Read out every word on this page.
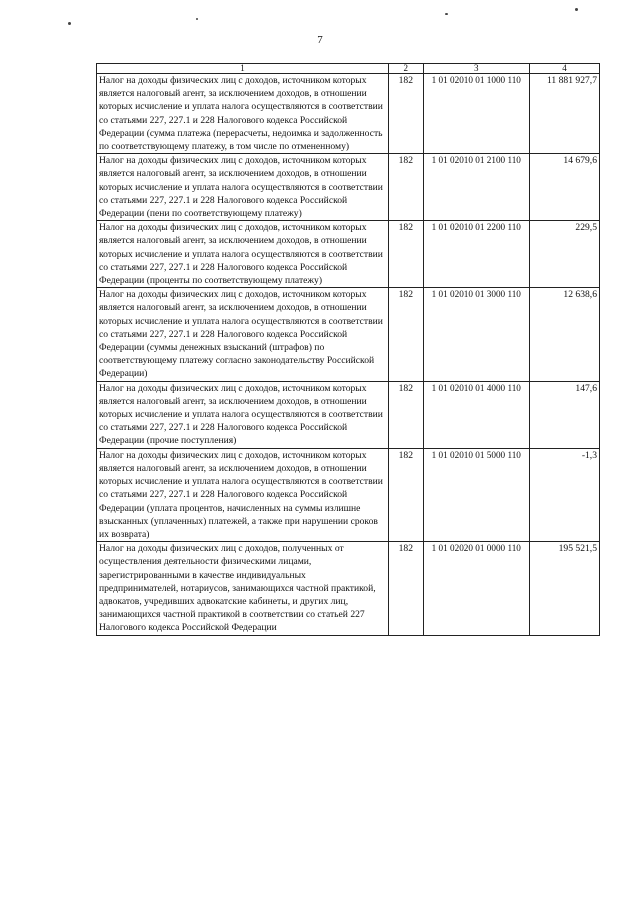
7
1	2	3	4
Налог на доходы физических лиц с доходов, источником которых является налоговый агент, за исключением доходов, в отношении которых исчисление и уплата налога осуществляются в соответствии со статьями 227, 227.1 и 228 Налогового кодекса Российской Федерации (сумма платежа (перерасчеты, недоимка и задолженность по соответствующему платежу, в том числе по отмененному)	182	1 01 02010 01 1000 110	11 881 927,7
Налог на доходы физических лиц с доходов, источником которых является налоговый агент, за исключением доходов, в отношении которых исчисление и уплата налога осуществляются в соответствии со статьями 227, 227.1 и 228 Налогового кодекса Российской Федерации (пени по соответствующему платежу)	182	1 01 02010 01 2100 110	14 679,6
Налог на доходы физических лиц с доходов, источником которых является налоговый агент, за исключением доходов, в отношении которых исчисление и уплата налога осуществляются в соответствии со статьями 227, 227.1 и 228 Налогового кодекса Российской Федерации (проценты по соответствующему платежу)	182	1 01 02010 01 2200 110	229,5
Налог на доходы физических лиц с доходов, источником которых является налоговый агент, за исключением доходов, в отношении которых исчисление и уплата налога осуществляются в соответствии со статьями 227, 227.1 и 228 Налогового кодекса Российской Федерации (суммы денежных взысканий (штрафов) по соответствующему платежу согласно законодательству Российской Федерации)	182	1 01 02010 01 3000 110	12 638,6
Налог на доходы физических лиц с доходов, источником которых является налоговый агент, за исключением доходов, в отношении которых исчисление и уплата налога осуществляются в соответствии со статьями 227, 227.1 и 228 Налогового кодекса Российской Федерации (прочие поступления)	182	1 01 02010 01 4000 110	147,6
Налог на доходы физических лиц с доходов, источником которых является налоговый агент, за исключением доходов, в отношении которых исчисление и уплата налога осуществляются в соответствии со статьями 227, 227.1 и 228 Налогового кодекса Российской Федерации (уплата процентов, начисленных на суммы излишне взысканных (уплаченных) платежей, а также при нарушении сроков их возврата)	182	1 01 02010 01 5000 110	-1,3
Налог на доходы физических лиц с доходов, полученных от осуществления деятельности физическими лицами, зарегистрированными в качестве индивидуальных предпринимателей, нотариусов, занимающихся частной практикой, адвокатов, учредивших адвокатские кабинеты, и других лиц, занимающихся частной практикой в соответствии со статьей 227 Налогового кодекса Российской Федерации	182	1 01 02020 01 0000 110	195 521,5
